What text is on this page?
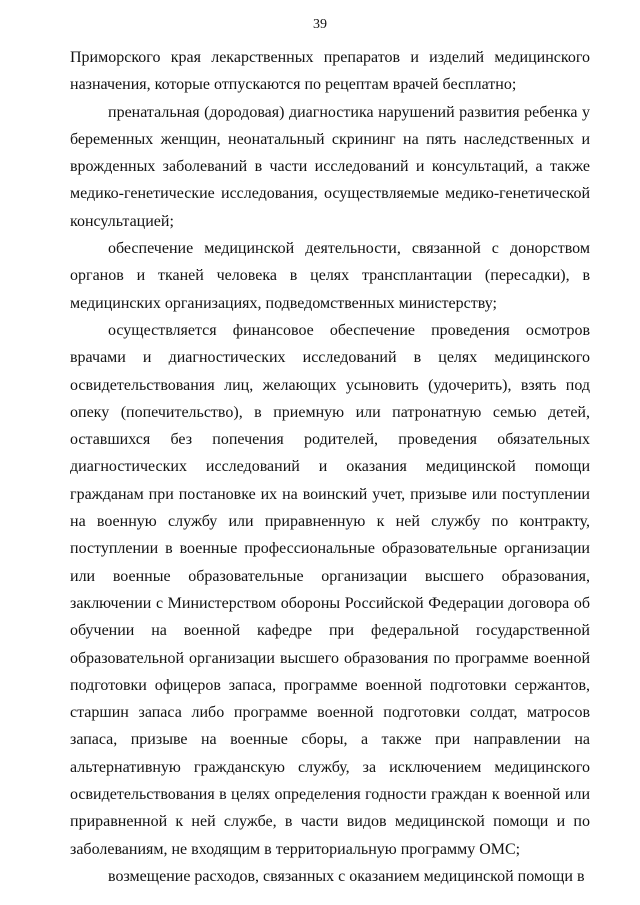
39

Приморского края лекарственных препаратов и изделий медицинского назначения, которые отпускаются по рецептам врачей бесплатно;

пренатальная (дородовая) диагностика нарушений развития ребенка у беременных женщин, неонатальный скрининг на пять наследственных и врожденных заболеваний в части исследований и консультаций, а также медико-генетические исследования, осуществляемые медико-генетической консультацией;

обеспечение медицинской деятельности, связанной с донорством органов и тканей человека в целях трансплантации (пересадки), в медицинских организациях, подведомственных министерству;

осуществляется финансовое обеспечение проведения осмотров врачами и диагностических исследований в целях медицинского освидетельствования лиц, желающих усыновить (удочерить), взять под опеку (попечительство), в приемную или патронатную семью детей, оставшихся без попечения родителей, проведения обязательных диагностических исследований и оказания медицинской помощи гражданам при постановке их на воинский учет, призыве или поступлении на военную службу или приравненную к ней службу по контракту, поступлении в военные профессиональные образовательные организации или военные образовательные организации высшего образования, заключении с Министерством обороны Российской Федерации договора об обучении на военной кафедре при федеральной государственной образовательной организации высшего образования по программе военной подготовки офицеров запаса, программе военной подготовки сержантов, старшин запаса либо программе военной подготовки солдат, матросов запаса, призыве на военные сборы, а также при направлении на альтернативную гражданскую службу, за исключением медицинского освидетельствования в целях определения годности граждан к военной или приравненной к ней службе, в части видов медицинской помощи и по заболеваниям, не входящим в территориальную программу ОМС;

возмещение расходов, связанных с оказанием медицинской помощи в
